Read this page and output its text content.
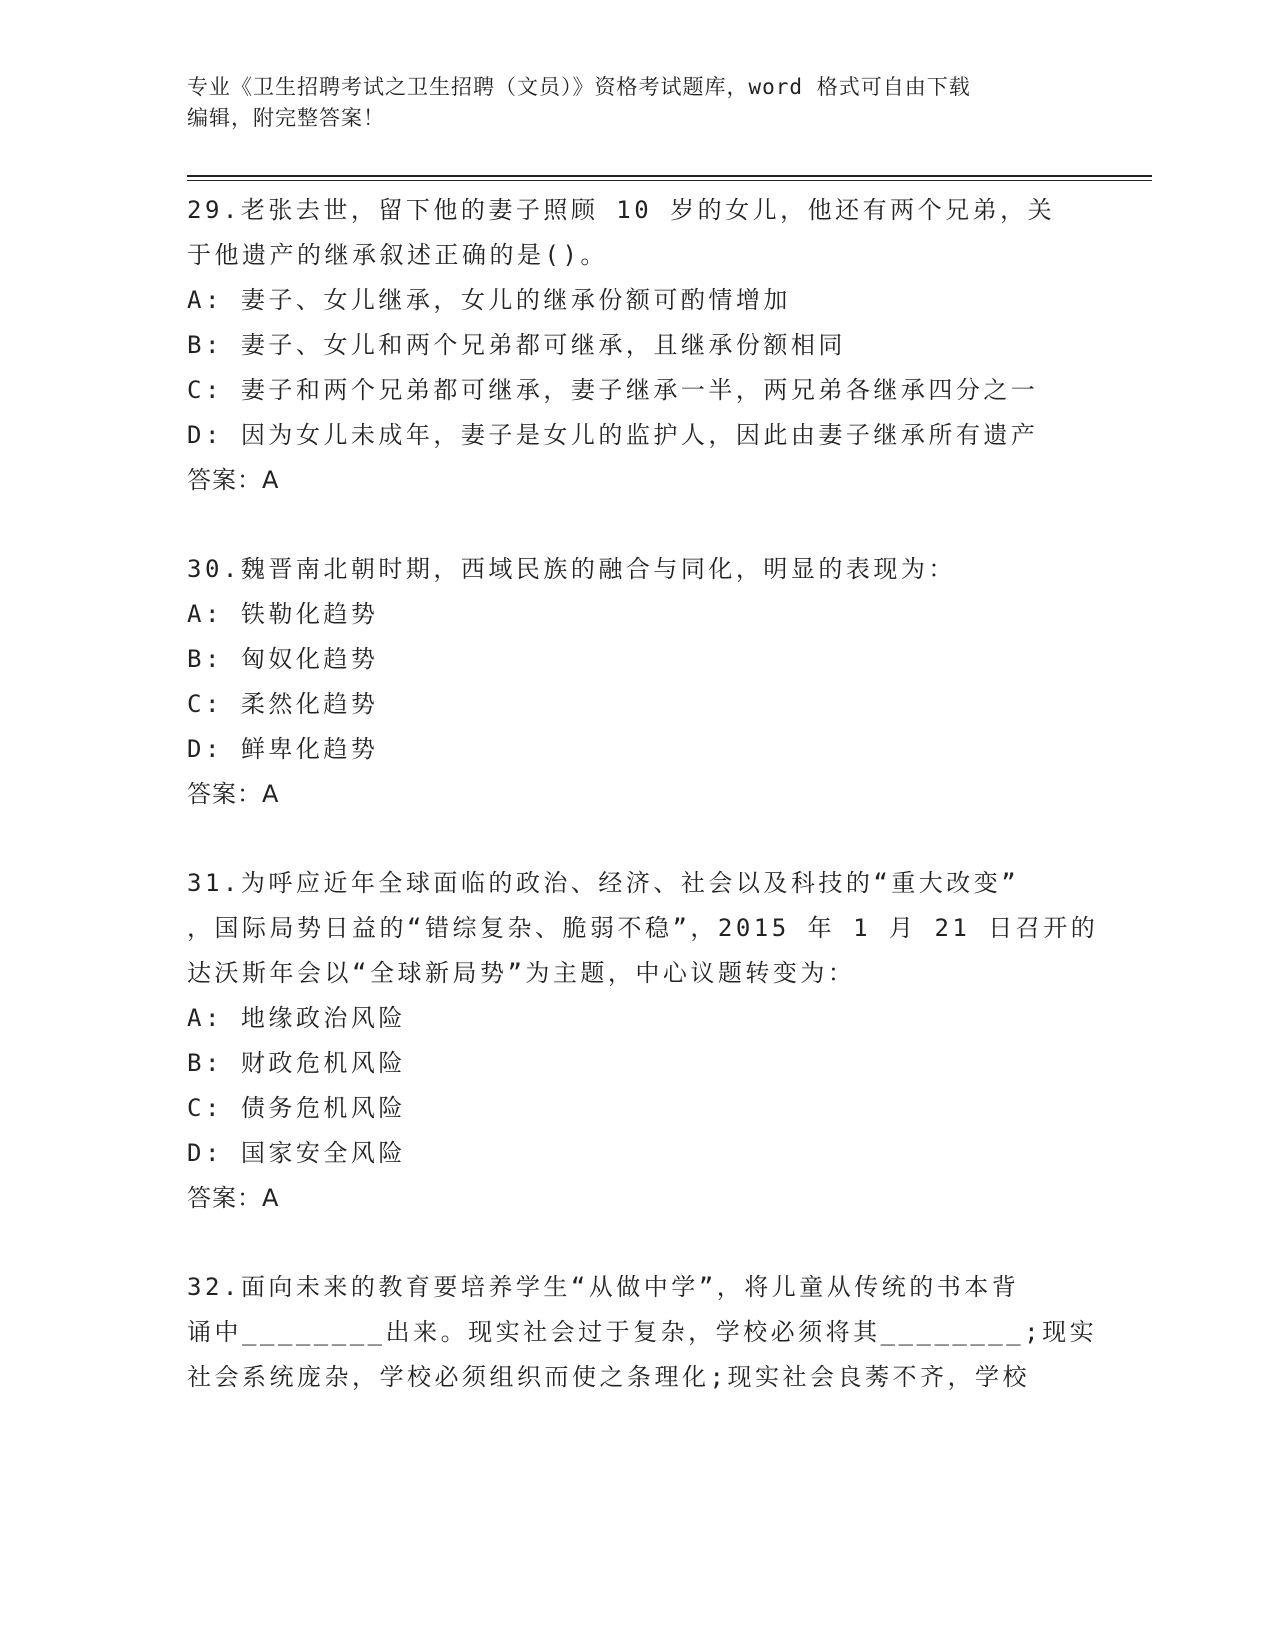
专业《卫生招聘考试之卫生招聘（文员）》资格考试题库，word 格式可自由下载
编辑，附完整答案！
29.老张去世，留下他的妻子照顾 10 岁的女儿，他还有两个兄弟，关
于他遗产的继承叙述正确的是()。
A: 妻子、女儿继承，女儿的继承份额可酌情增加
B: 妻子、女儿和两个兄弟都可继承，且继承份额相同
C: 妻子和两个兄弟都可继承，妻子继承一半，两兄弟各继承四分之一
D: 因为女儿未成年，妻子是女儿的监护人，因此由妻子继承所有遗产
答案：A
30.魏晋南北朝时期，西域民族的融合与同化，明显的表现为：
A: 铁勒化趋势
B: 匈奴化趋势
C: 柔然化趋势
D: 鲜卑化趋势
答案：A
31.为呼应近年全球面临的政治、经济、社会以及科技的“重大改变”
，国际局势日益的“错综复杂、脆弱不稳”，2015 年 1 月 21 日召开的
达沃斯年会以“全球新局势”为主题，中心议题转变为：
A: 地缘政治风险
B: 财政危机风险
C: 债务危机风险
D: 国家安全风险
答案：A
32.面向未来的教育要培养学生“从做中学”，将儿童从传统的书本背
诵中________出来。现实社会过于复杂，学校必须将其________;现实
社会系统庞杂，学校必须组织而使之条理化;现实社会良莠不齐，学校
